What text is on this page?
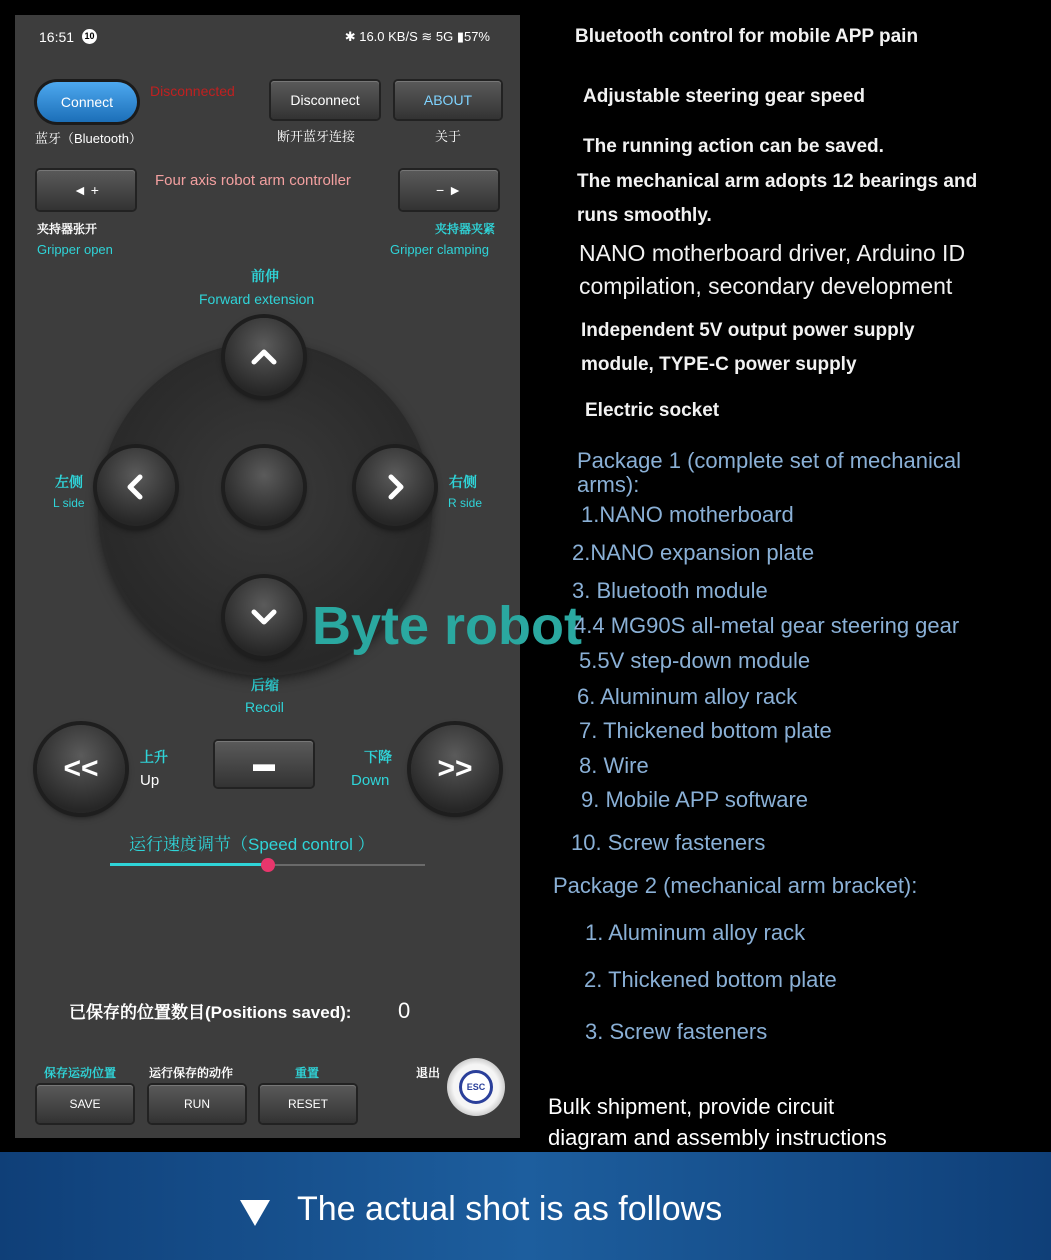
16:51 10	✱ 16.0 KB/S ≋ 5G ▮57%
Connect
Disconnected
Disconnect	ABOUT
蓝牙（Bluetooth）	断开蓝牙连接	关于
◄ +
Four axis robot arm controller
− ►
夹持器张开
Gripper open
夹持器夹紧
Gripper clamping
前伸
Forward extension
左侧
L side
右侧
R side
后缩
Recoil
<<	上升
Up
▬	下降
Down >>
运行速度调节（Speed control ）
已保存的位置数目(Positions saved): 0
保存运动位置	运行保存的动作	重置	退出
SAVE	RUN	RESET
ESC
Byte robot
Bluetooth control for mobile APP pain
Adjustable steering gear speed
The running action can be saved.
The mechanical arm adopts 12 bearings and
runs smoothly.
NANO motherboard driver, Arduino ID
compilation, secondary development
Independent 5V output power supply
module, TYPE-C power supply
Electric socket
Package 1 (complete set of mechanical
arms):
1.NANO motherboard
2.NANO expansion plate
3. Bluetooth module
4.4 MG90S all-metal gear steering gear
5.5V step-down module
6. Aluminum alloy rack
7. Thickened bottom plate
8. Wire
9. Mobile APP software
10. Screw fasteners
Package 2 (mechanical arm bracket):
1. Aluminum alloy rack
2. Thickened bottom plate
3. Screw fasteners
Bulk shipment, provide circuit
diagram and assembly instructions
The actual shot is as follows
